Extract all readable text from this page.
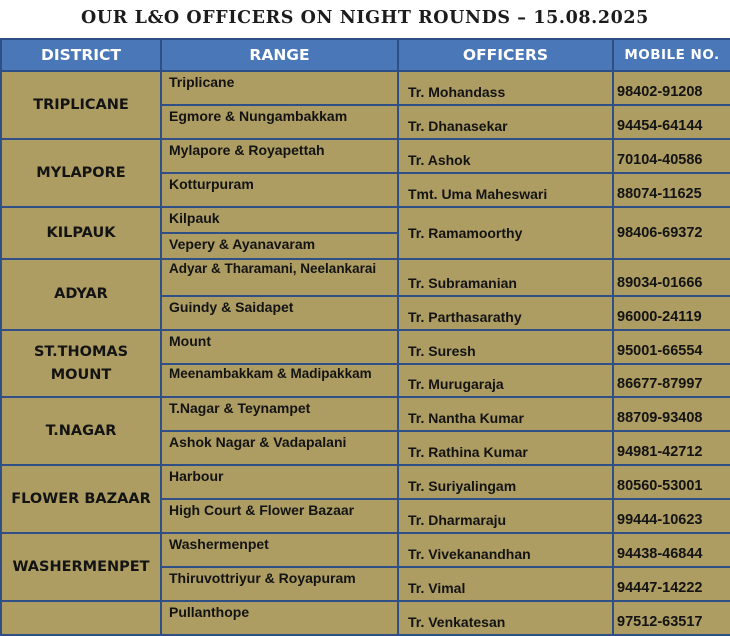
OUR L&O OFFICERS ON NIGHT ROUNDS – 15.08.2025
DISTRICT	RANGE	OFFICERS	MOBILE NO.
TRIPLICANE	Triplicane	Tr. Mohandass	98402-91208
	Egmore & Nungambakkam	Tr. Dhanasekar	94454-64144
MYLAPORE	Mylapore & Royapettah	Tr. Ashok	70104-40586
	Kotturpuram	Tmt. Uma Maheswari	88074-11625
KILPAUK	Kilpauk	Tr. Ramamoorthy	98406-69372
	Vepery & Ayanavaram		
ADYAR	Adyar & Tharamani, Neelankarai	Tr. Subramanian	89034-01666
	Guindy & Saidapet	Tr. Parthasarathy	96000-24119

ST.THOMAS
MOUNT	Mount	Tr. Suresh	95001-66554
	Meenambakkam & Madipakkam	Tr. Murugaraja	86677-87997
T.NAGAR	T.Nagar & Teynampet	Tr. Nantha Kumar	88709-93408
	Ashok Nagar & Vadapalani	Tr. Rathina Kumar	94981-42712
FLOWER BAZAAR	Harbour	Tr. Suriyalingam	80560-53001
	High Court & Flower Bazaar	Tr. Dharmaraju	99444-10623
WASHERMENPET	Washermenpet	Tr. Vivekanandhan	94438-46844
	Thiruvottriyur & Royapuram	Tr. Vimal	94447-14222
	Pullanthope	Tr. Venkatesan	97512-63517
